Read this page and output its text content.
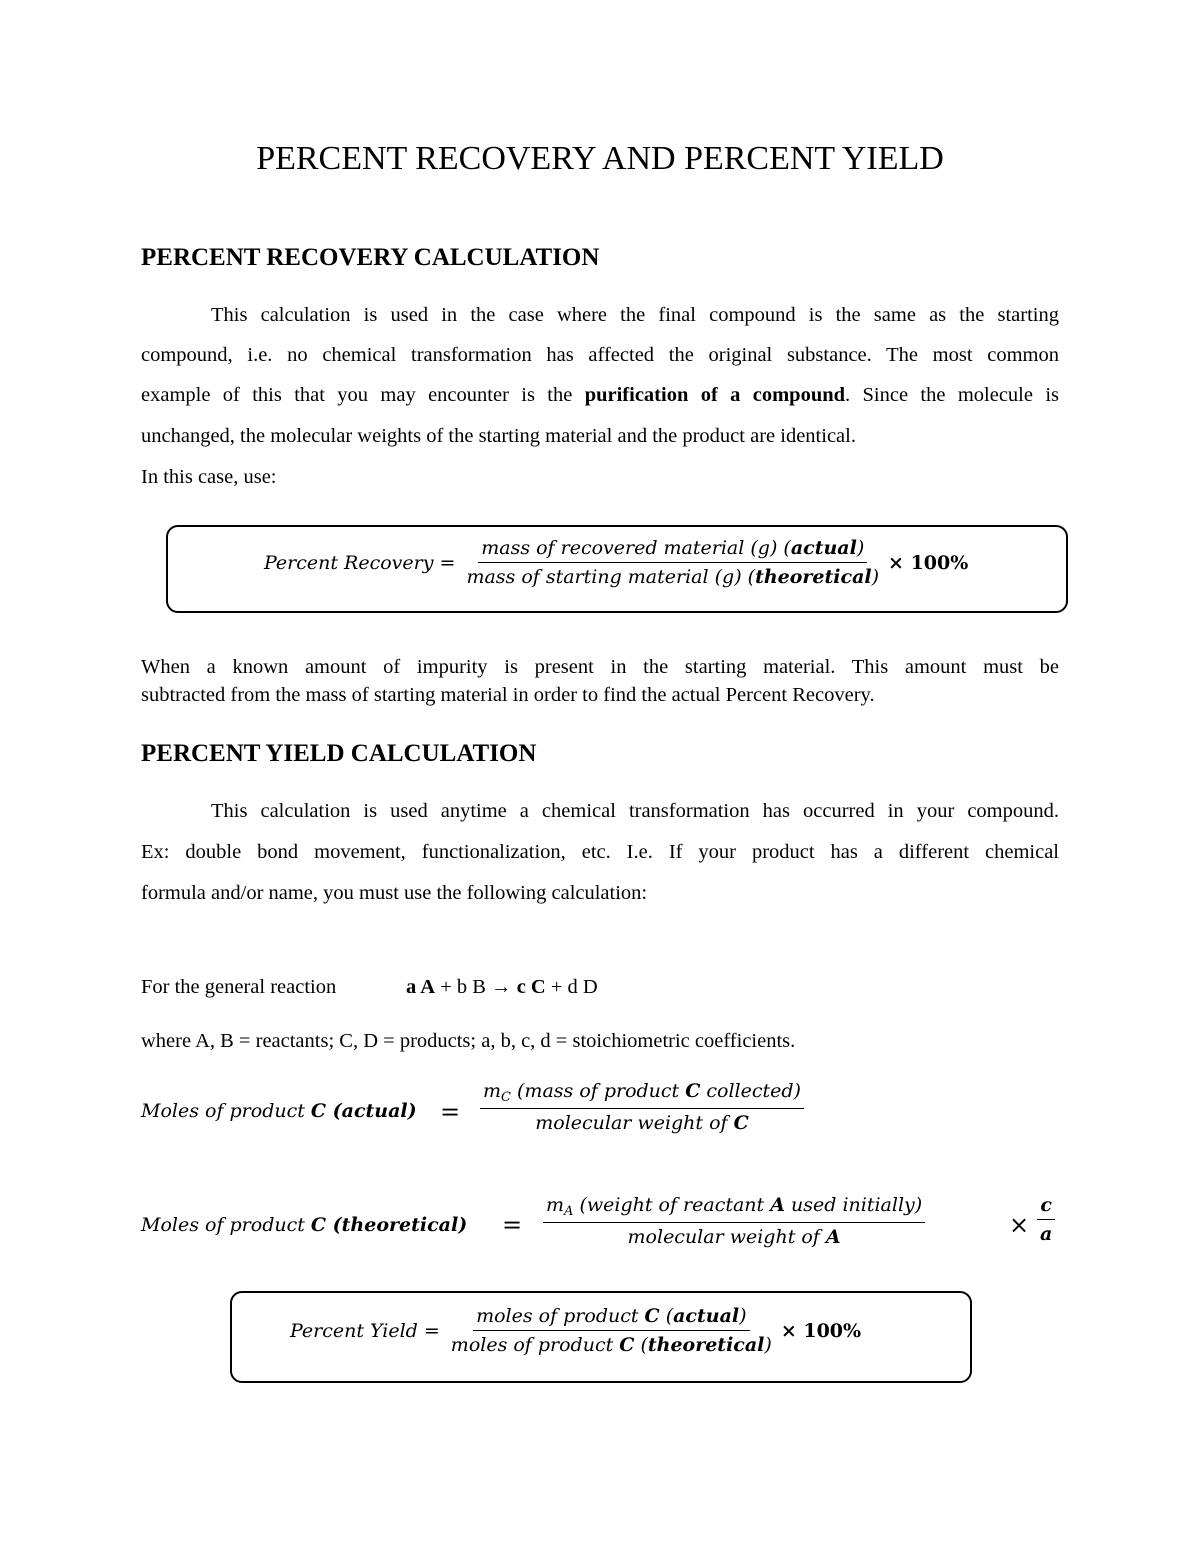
PERCENT RECOVERY AND PERCENT YIELD
PERCENT RECOVERY CALCULATION
This calculation is used in the case where the final compound is the same as the starting
compound, i.e. no chemical transformation has affected the original substance. The most common
example of this that you may encounter is the purification of a compound. Since the molecule is
unchanged, the molecular weights of the starting material and the product are identical.
In this case, use:
Percent Recovery = $\frac{\text{mass of recovered material (g) (actual)}}{\text{mass of starting material (g) (theoretical)}} \times 100\%$
When a known amount of impurity is present in the starting material. This amount must be
subtracted from the mass of starting material in order to find the actual Percent Recovery.
PERCENT YIELD CALCULATION
This calculation is used anytime a chemical transformation has occurred in your compound.
Ex: double bond movement, functionalization, etc. I.e. If your product has a different chemical
formula and/or name, you must use the following calculation:
For the general reaction	a A + b B → c C + d D
where A, B = reactants; C, D = products; a, b, c, d = stoichiometric coefficients.
Moles of product C (actual) = $\frac{m_C (mass of product C collected)}{\text{molecular weight of C}}$
Moles of product C (theoretical) = $\frac{m_A (weight of reactant A used initially)}{\text{molecular weight of A}}$	× $\frac{c}{a}$
Percent Yield = $\frac{\text{moles of product C (actual)}}{\text{moles of product C (theoretical)}} \times 100\%$
